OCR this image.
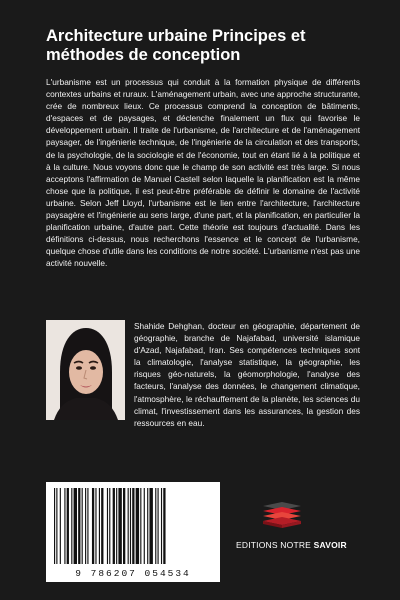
Architecture urbaine Principes et méthodes de conception

L'urbanisme est un processus qui conduit à la formation physique de différents contextes urbains et ruraux. L'aménagement urbain, avec une approche structurante, crée de nombreux lieux. Ce processus comprend la conception de bâtiments, d'espaces et de paysages, et déclenche finalement un flux qui favorise le développement urbain. Il traite de l'urbanisme, de l'architecture et de l'aménagement paysager, de l'ingénierie technique, de l'ingénierie de la circulation et des transports, de la psychologie, de la sociologie et de l'économie, tout en étant lié à la politique et à la culture. Nous voyons donc que le champ de son activité est très large. Si nous acceptons l'affirmation de Manuel Castell selon laquelle la planification est la même chose que la politique, il est peut-être préférable de définir le domaine de l'activité urbaine. Selon Jeff Lloyd, l'urbanisme est le lien entre l'architecture, l'architecture paysagère et l'ingénierie au sens large, d'une part, et la planification, en particulier la planification urbaine, d'autre part. Cette théorie est toujours d'actualité. Dans les définitions ci-dessus, nous recherchons l'essence et le concept de l'urbanisme, quelque chose d'utile dans les conditions de notre société. L'urbanisme n'est pas une activité nouvelle.

Shahide Dehghan, docteur en géographie, département de géographie, branche de Najafabad, université islamique d'Azad, Najafabad, Iran. Ses compétences techniques sont la climatologie, l'analyse statistique, la géographie, les risques géo-naturels, la géomorphologie, l'analyse des facteurs, l'analyse des données, le changement climatique, l'atmosphère, le réchauffement de la planète, les sciences du climat, l'investissement dans les assurances, la gestion des ressources en eau.

9 786207 054534
EDITIONS NOTRE SAVOIR
